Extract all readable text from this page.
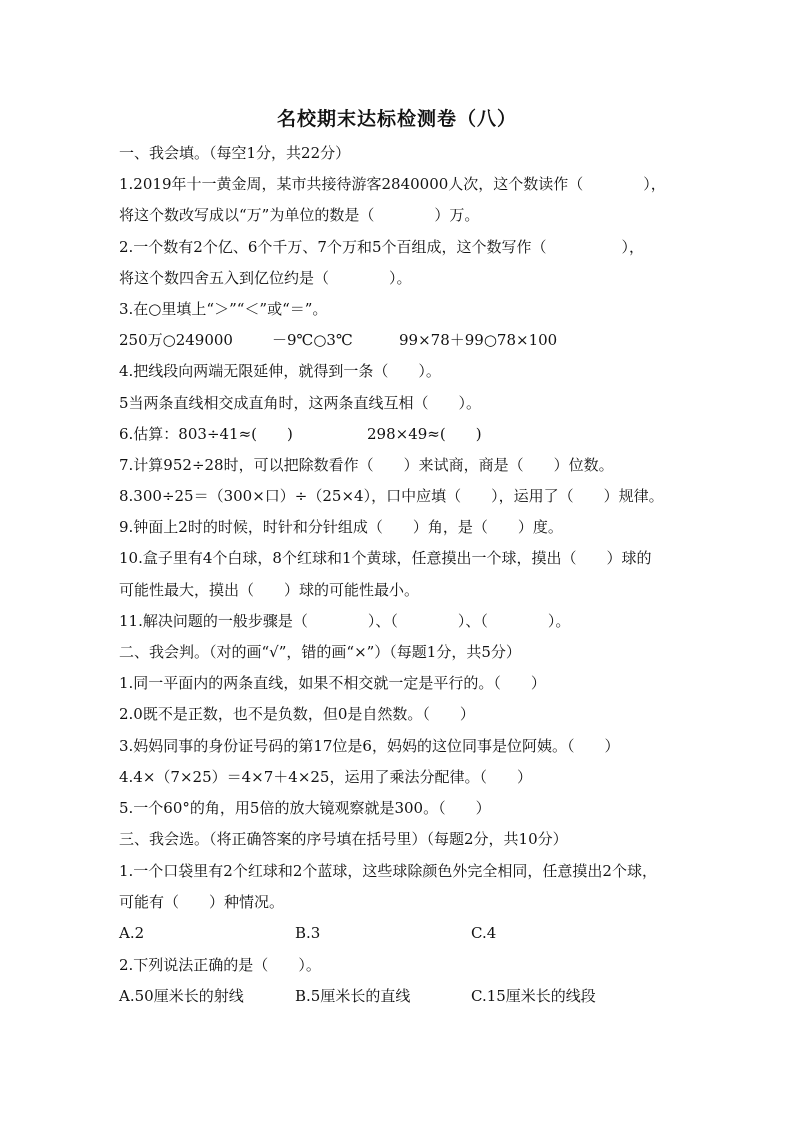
名校期末达标检测卷（八）
一、我会填。（每空1分，共22分）
1.2019年十一黄金周，某市共接待游客2840000人次，这个数读作（　　　　），
将这个数改写成以“万”为单位的数是（　　　　）万。
2.一个数有2个亿、6个千万、7个万和5个百组成，这个数写作（　　　　　），
将这个数四舍五入到亿位约是（　　　　）。
3.在○里填上“＞”“＜”或“＝”。
250万○249000	－9℃○3℃	99×78＋99○78×100
4.把线段向两端无限延伸，就得到一条（　　）。
5当两条直线相交成直角时，这两条直线互相（　　）。
6.估算：803÷41≈(　　)	298×49≈(　　)
7.计算952÷28时，可以把除数看作（　　）来试商，商是（　　）位数。
8.300÷25＝（300×口）÷（25×4），口中应填（　　），运用了（　　）规律。
9.钟面上2时的时候，时针和分针组成（　　）角，是（　　）度。
10.盒子里有4个白球，8个红球和1个黄球，任意摸出一个球，摸出（　　）球的
可能性最大，摸出（　　）球的可能性最小。
11.解决问题的一般步骤是（　　　　）、（　　　　）、（　　　　）。
二、我会判。（对的画“√”，错的画“×”）（每题1分，共5分）
1.同一平面内的两条直线，如果不相交就一定是平行的。（　　）
2.0既不是正数，也不是负数，但0是自然数。（　　）
3.妈妈同事的身份证号码的第17位是6，妈妈的这位同事是位阿姨。（　　）
4.4×（7×25）＝4×7＋4×25，运用了乘法分配律。（　　）
5.一个60°的角，用5倍的放大镜观察就是300。（　　）
三、我会选。（将正确答案的序号填在括号里）（每题2分，共10分）
1.一个口袋里有2个红球和2个蓝球，这些球除颜色外完全相同，任意摸出2个球，
可能有（　　）种情况。
A.2	B.3	C.4
2.下列说法正确的是（　　）。
A.50厘米长的射线	B.5厘米长的直线	C.15厘米长的线段
